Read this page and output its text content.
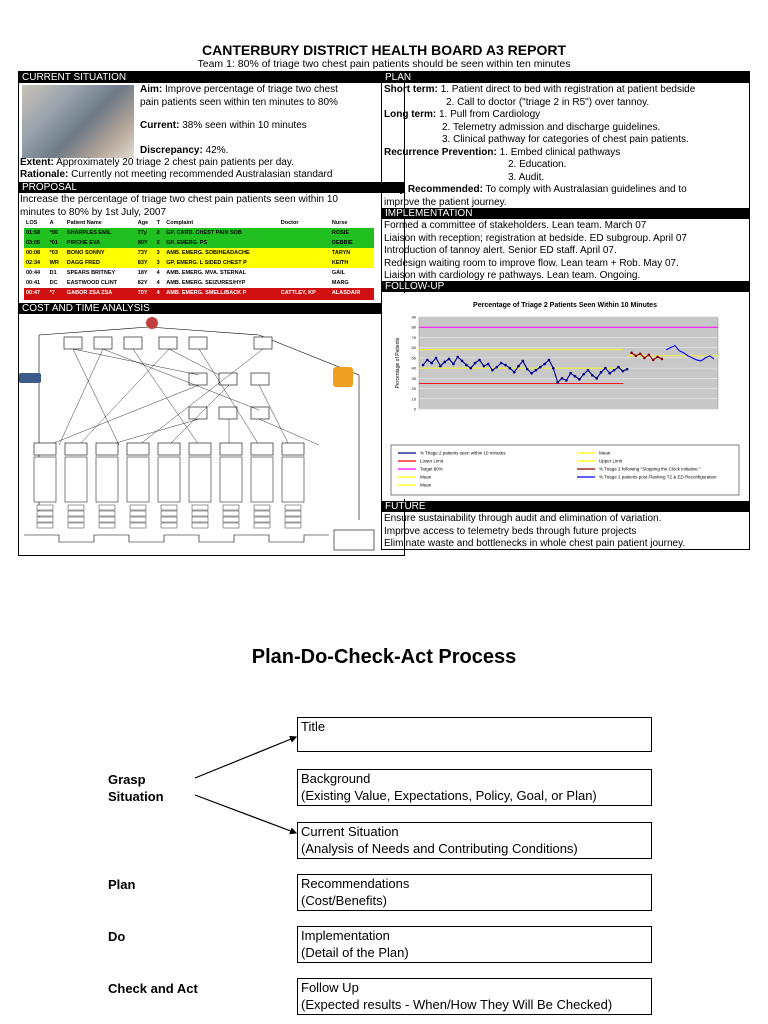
CANTERBURY DISTRICT HEALTH BOARD A3 REPORT
Team 1: 80% of triage two chest pain patients should be seen within ten minutes
CURRENT SITUATION
Aim: Improve percentage of triage two chest
pain patients seen within ten minutes to 80%
Current: 38% seen within 10 minutes
Discrepancy: 42%.
Extent: Approximately 20 triage 2 chest pain patients per day.
Rationale: Currently not meeting recommended Australasian standard
PROPOSAL
Increase the percentage of triage two chest pain patients seen within 10
minutes to 80% by 1st July, 2007
LOS	A	Patient Name	Age	T	Complaint	Doctor	Nurse
01:58	*06	SHARPLES EMIL	77y	2	GP, CARD. CHEST PAIN SOB		ROSIE
03:05	*01	PIRCHE EVA	80Y	2	GP, EMERG. PS		DEBBIE
00:08	*03	BONO SONNY	73Y	3	AMB. EMERG. SOB/HEADACHE		TARYN
02:34	WR	DAGG FRED	83Y	3	GP, EMERG. L SIDED CHEST P		KEITH
00:44	D1	SPEARS BRITNEY	18Y	4	AMB. EMERG. MVA. STERNAL		GAIL
00:41	DC	EASTWOOD CLINT	82Y	4	AMB. EMERG. SEIZURES/HYP		MARG
00:47	*7	GABOR ZSA ZSA	70Y	4	AMB. EMERG. SMELL/BACK P	CATTLEY, KP	ALASDAIR

COST AND TIME ANALYSIS
PLAN
Short term: 1. Patient direct to bed with registration at patient bedside
2. Call to doctor ("triage 2 in R5") over tannoy.
Long term: 1. Pull from Cardiology
2. Telemetry admission and discharge guidelines.
3. Clinical pathway for categories of chest pain patients.
Recurrence Prevention: 1. Embed clinical pathways
2. Education.
3. Audit.
Why Recommended: To comply with Australasian guidelines and to
improve the patient journey.
IMPLEMENTATION
Formed a committee of stakeholders. Lean team. March 07
Liaison with reception; registration at bedside. ED subgroup. April 07
Introduction of tannoy alert. Senior ED staff. April 07.
Redesign waiting room to improve flow. Lean team + Rob. May 07.
Liaison with cardiology re pathways. Lean team. Ongoing.
FOLLOW-UP
Percentage of Triage 2 Patients Seen Within 10 Minutes
Percentage of Patients
0
10
20
30
40
50
60
70
80
90
% Triage 2 patients seen within 10 minutes	Mean
Lower Limit	Upper Limit
Target 80%	% Triage 2 following "Stopping the Clock Initiative."
Mean	% Triage 2 patients post Flashing T2 & ED Reconfiguration
Mean
FUTURE
Ensure sustainability through audit and elimination of variation.
Improve access to telemetry beds through future projects
Eliminate waste and bottlenecks in whole chest pain patient journey.
Plan-Do-Check-Act Process
Grasp
Situation
Plan
Do
Check and Act
Title
Background
(Existing Value, Expectations, Policy, Goal, or Plan)
Current Situation
(Analysis of Needs and Contributing Conditions)
Recommendations
(Cost/Benefits)
Implementation
(Detail of the Plan)
Follow Up
(Expected results - When/How They Will Be Checked)
